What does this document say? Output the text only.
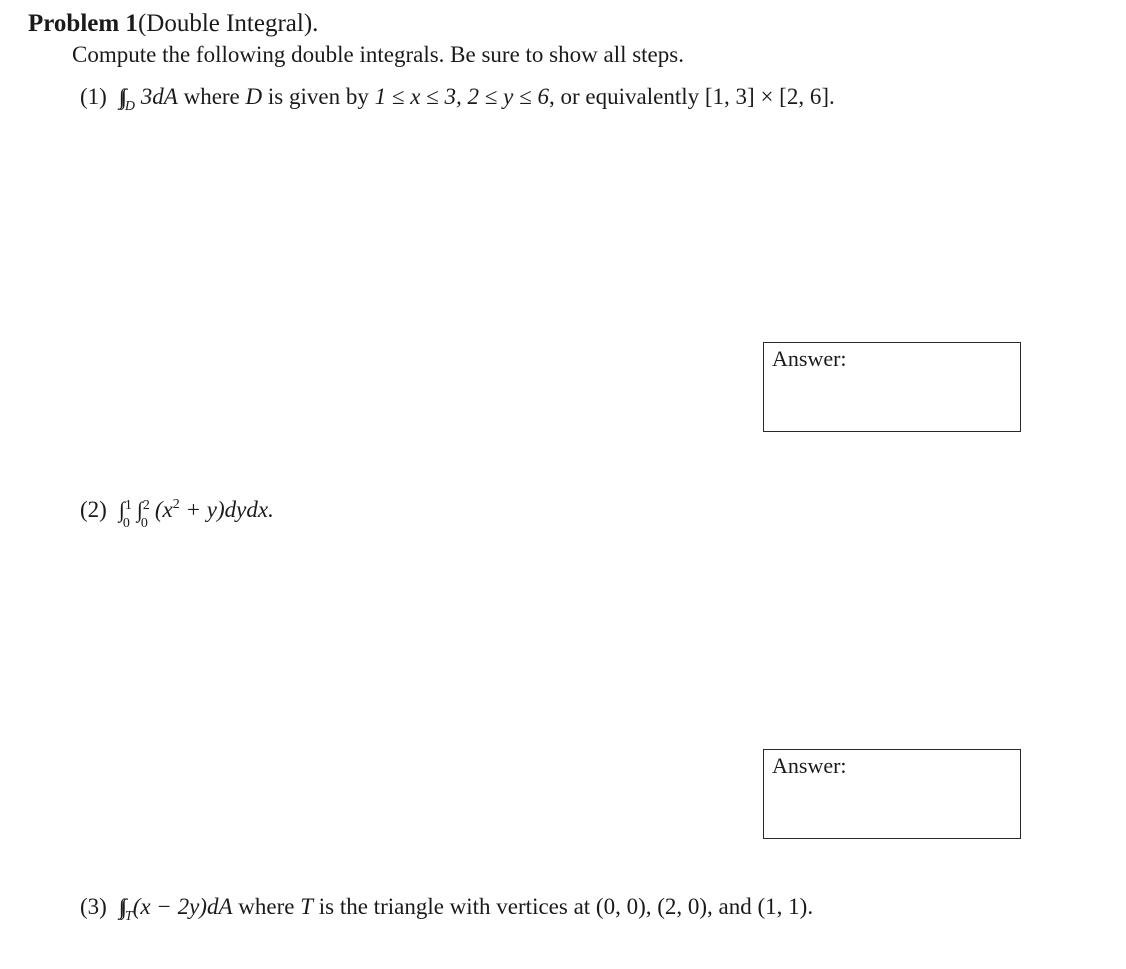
Problem 1(Double Integral).
Compute the following double integrals. Be sure to show all steps.
(1) ∫∫ $_D$ 3dA where D is given by 1 ≤ x ≤ 3, 2 ≤ y ≤ 6, or equivalently [1, 3] × [2, 6].
Answer:
(2) ∫ 1
0
∫ 2
0
($x^2$ + y)dydx.
Answer:
(3) ∫∫ $_T$(x − 2y)dA where T is the triangle with vertices at (0, 0), (2, 0), and (1, 1).
